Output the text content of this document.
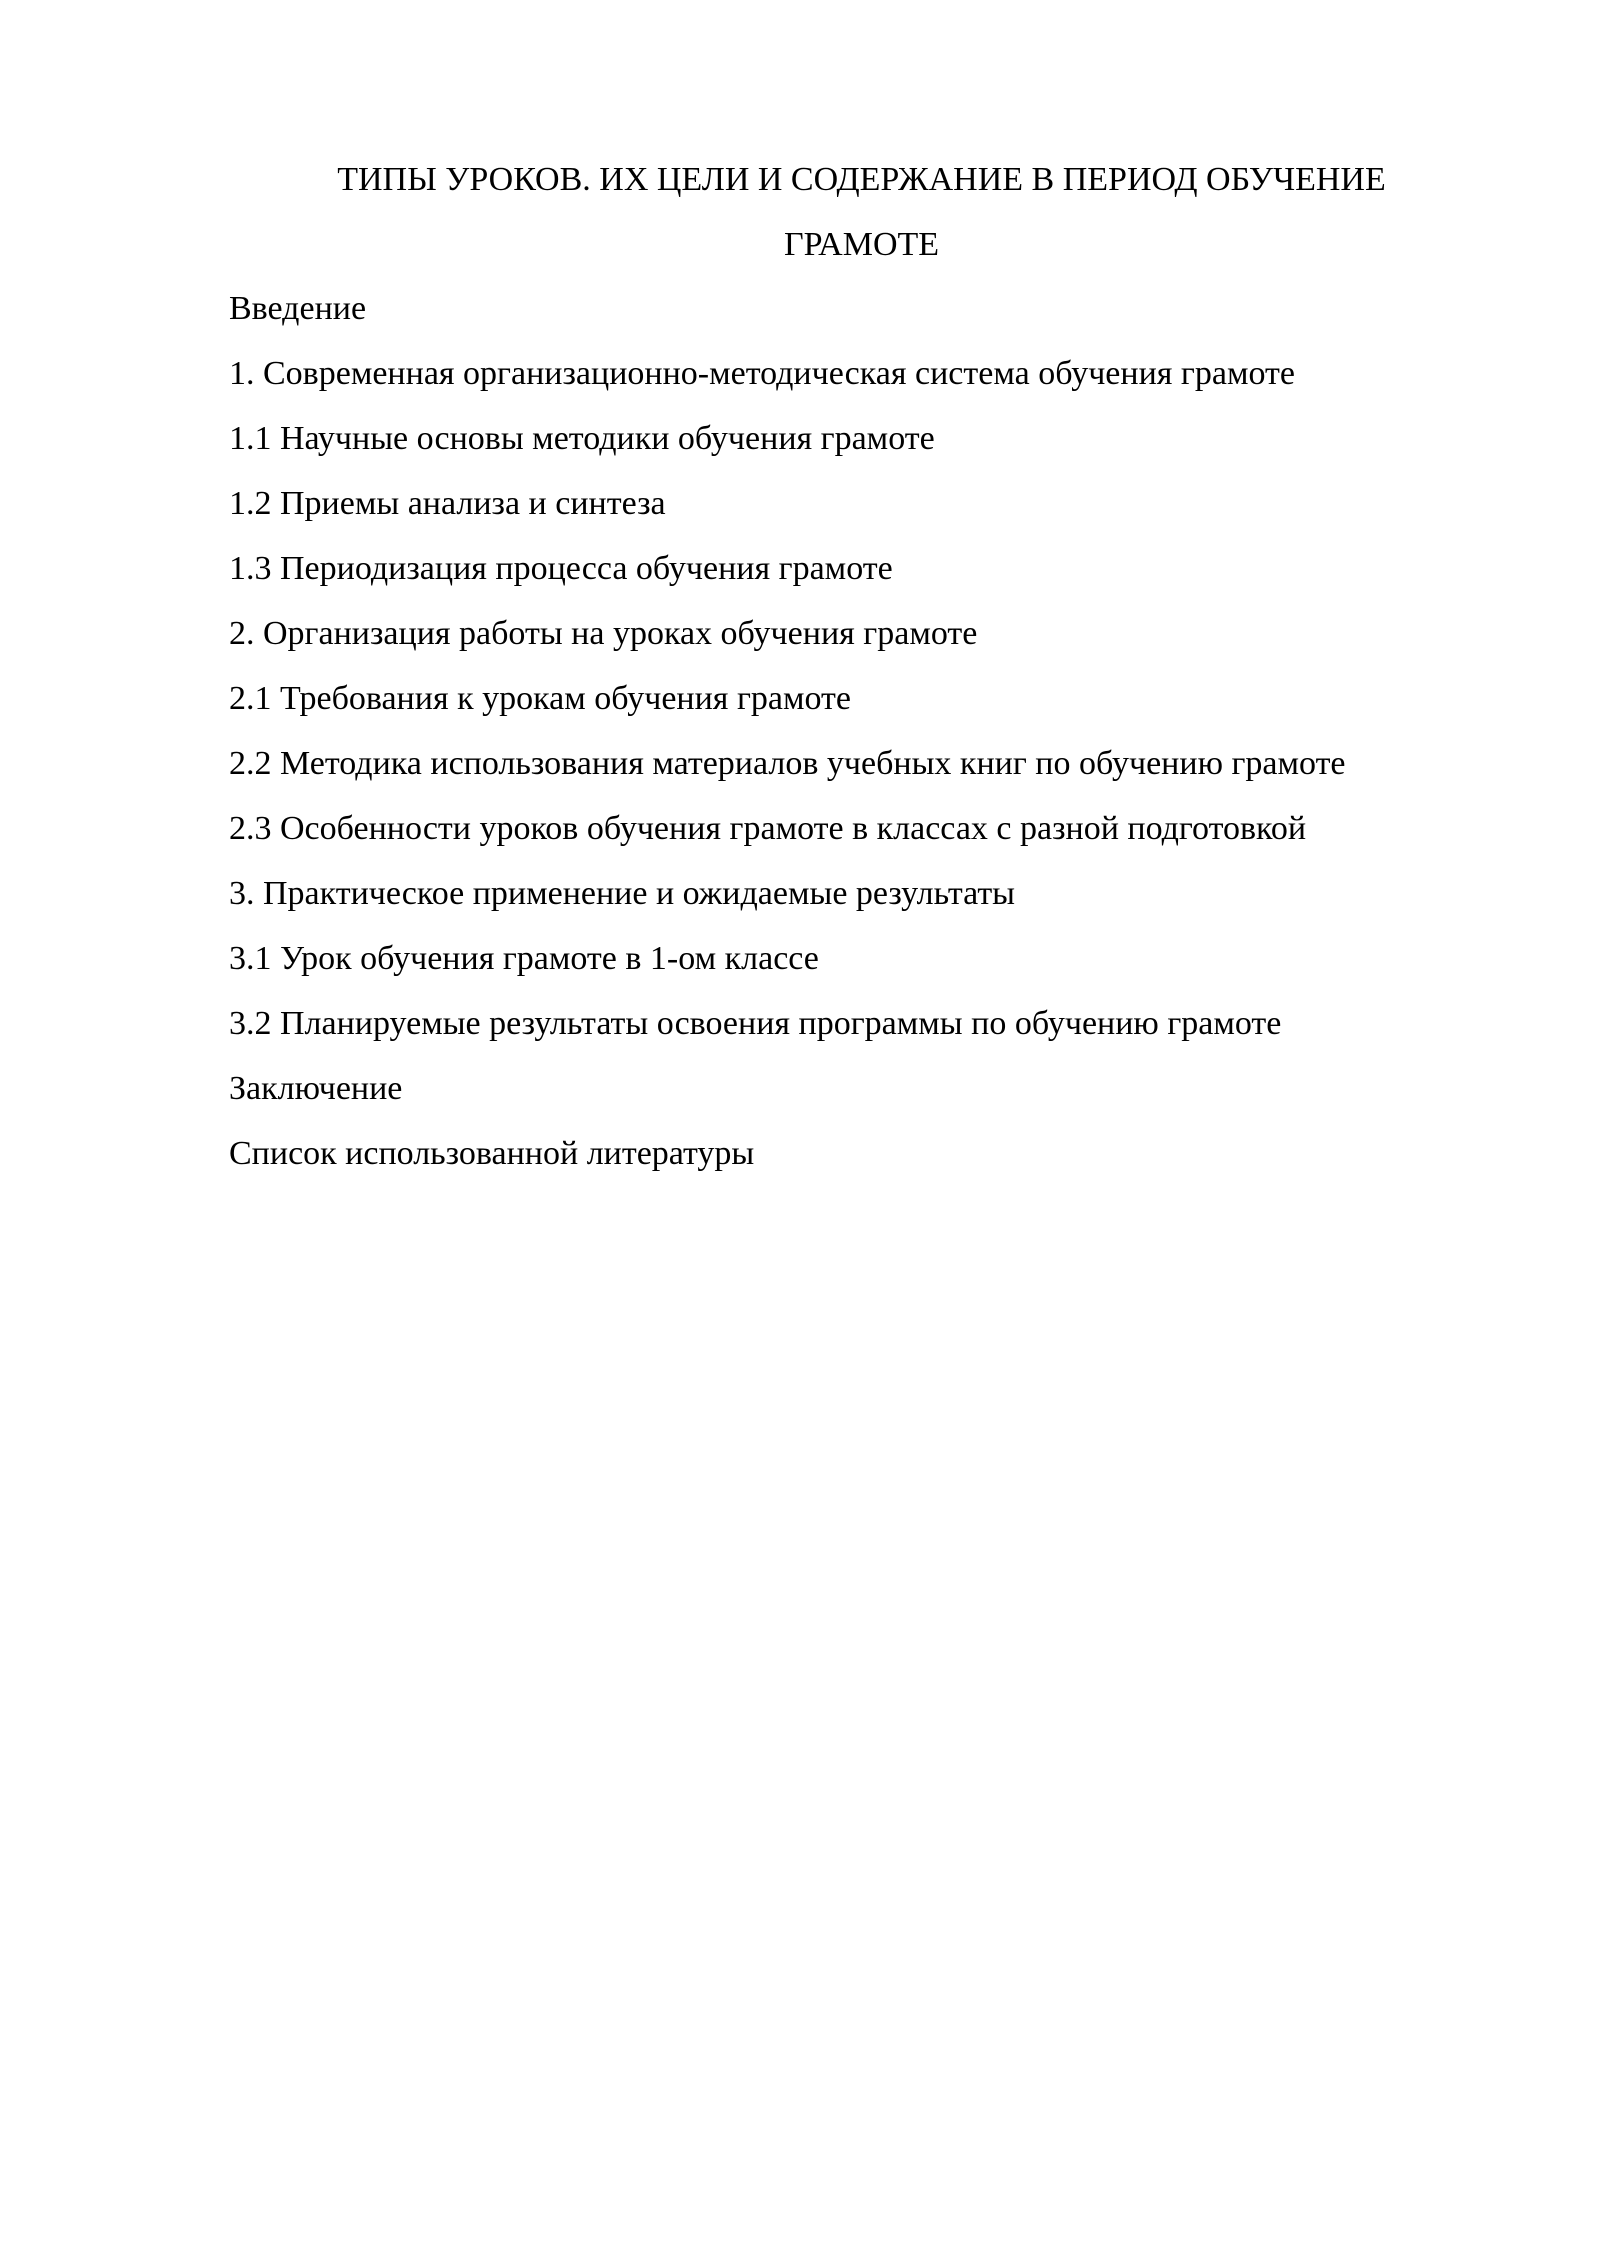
ТИПЫ УРОКОВ. ИХ ЦЕЛИ И СОДЕРЖАНИЕ В ПЕРИОД ОБУЧЕНИЕ
ГРАМОТЕ
Введение
1. Современная организационно-методическая система обучения грамоте
1.1 Научные основы методики обучения грамоте
1.2 Приемы анализа и синтеза
1.3 Периодизация процесса обучения грамоте
2. Организация работы на уроках обучения грамоте
2.1 Требования к урокам обучения грамоте
2.2 Методика использования материалов учебных книг по обучению грамоте
2.3 Особенности уроков обучения грамоте в классах с разной подготовкой
3. Практическое применение и ожидаемые результаты
3.1 Урок обучения грамоте в 1-ом классе
3.2 Планируемые результаты освоения программы по обучению грамоте
Заключение
Список использованной литературы
